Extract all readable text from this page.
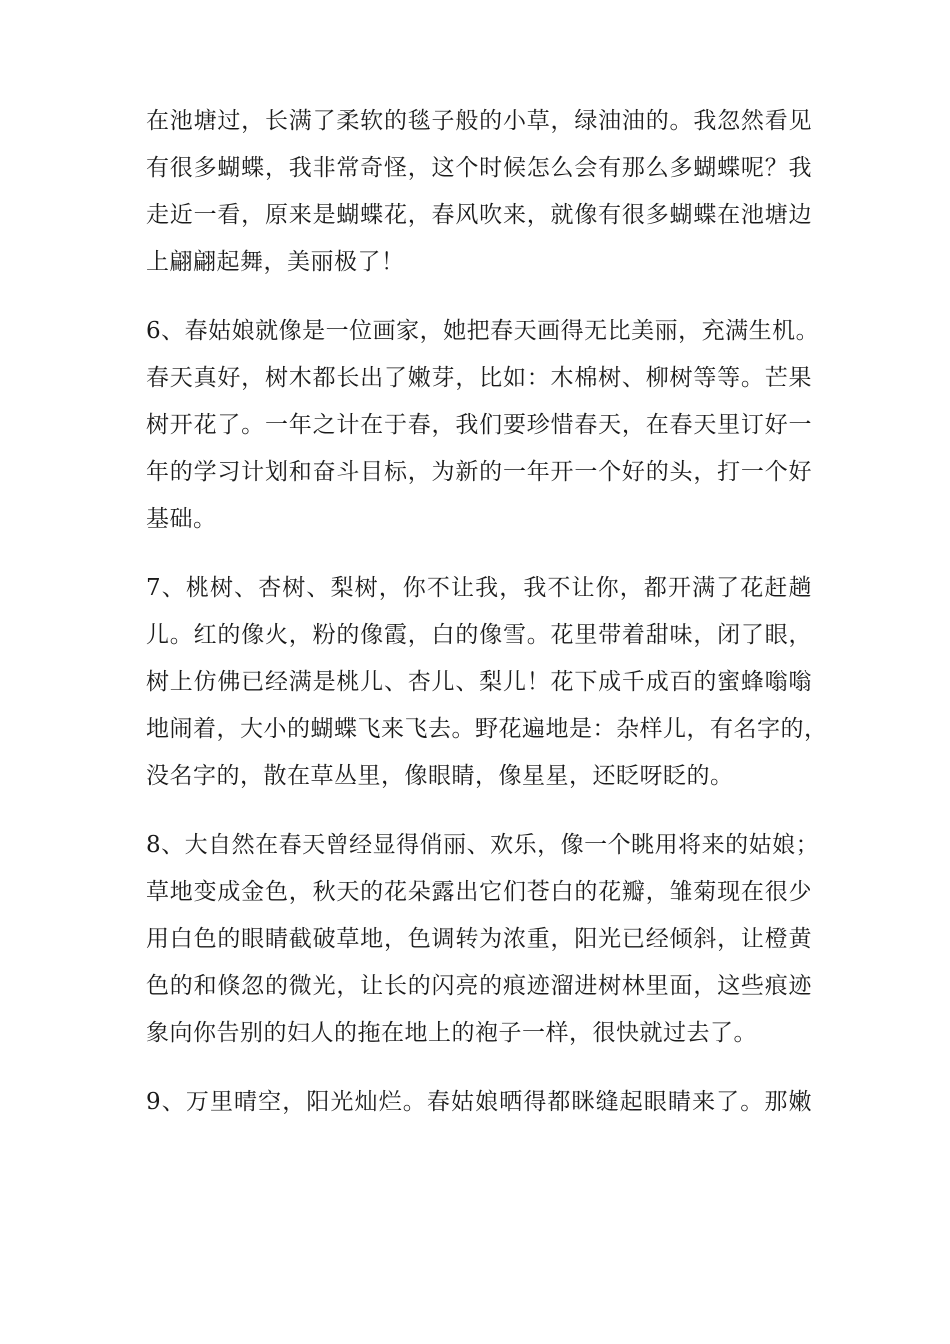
在池塘过，长满了柔软的毯子般的小草，绿油油的。我忽然看见
有很多蝴蝶，我非常奇怪，这个时候怎么会有那么多蝴蝶呢？我
走近一看，原来是蝴蝶花，春风吹来，就像有很多蝴蝶在池塘边
上翩翩起舞，美丽极了！
6、春姑娘就像是一位画家，她把春天画得无比美丽，充满生机。
春天真好，树木都长出了嫩芽，比如：木棉树、柳树等等。芒果
树开花了。一年之计在于春，我们要珍惜春天，在春天里订好一
年的学习计划和奋斗目标，为新的一年开一个好的头，打一个好
基础。
7、桃树、杏树、梨树，你不让我，我不让你，都开满了花赶趟
儿。红的像火，粉的像霞，白的像雪。花里带着甜味，闭了眼，
树上仿佛已经满是桃儿、杏儿、梨儿！花下成千成百的蜜蜂嗡嗡
地闹着，大小的蝴蝶飞来飞去。野花遍地是：杂样儿，有名字的，
没名字的，散在草丛里，像眼睛，像星星，还眨呀眨的。
8、大自然在春天曾经显得俏丽、欢乐，像一个眺用将来的姑娘；
草地变成金色，秋天的花朵露出它们苍白的花瓣，雏菊现在很少
用白色的眼睛截破草地，色调转为浓重，阳光已经倾斜，让橙黄
色的和倏忽的微光，让长的闪亮的痕迹溜进树林里面，这些痕迹
象向你告别的妇人的拖在地上的袍子一样，很快就过去了。
9、万里晴空，阳光灿烂。春姑娘晒得都眯缝起眼睛来了。那嫩
